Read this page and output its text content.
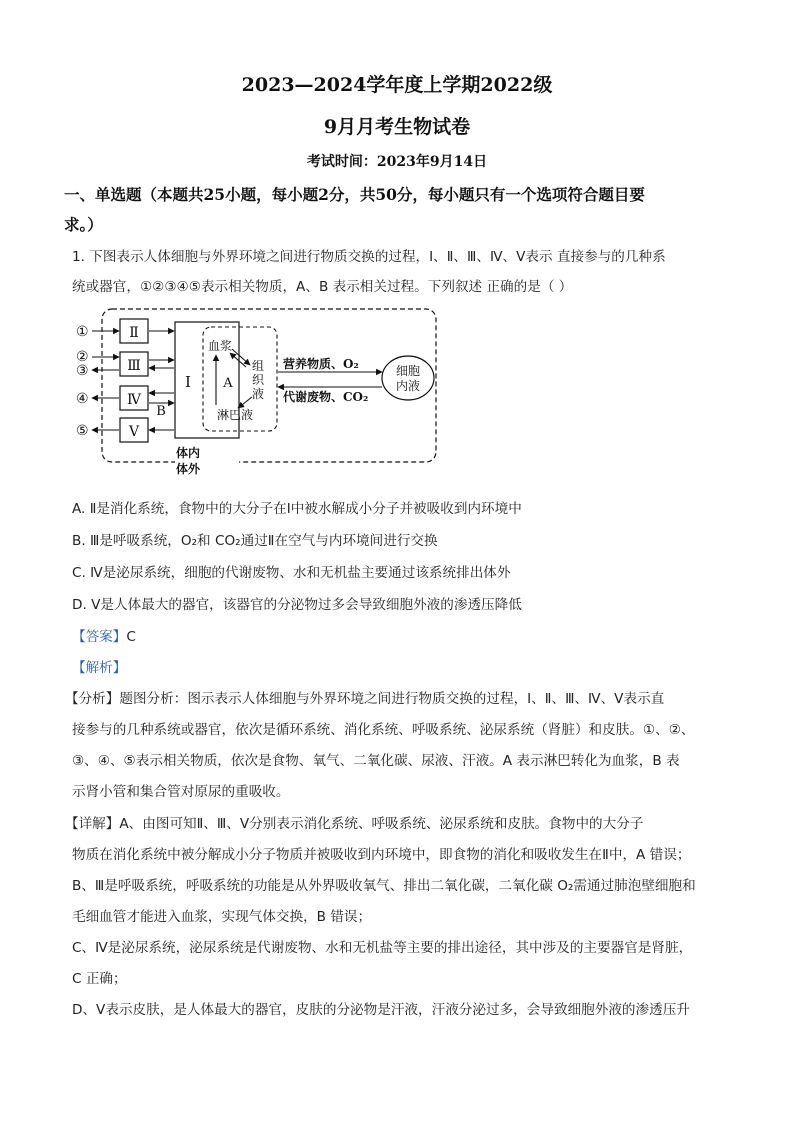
2023—2024学年度上学期2022级
9月月考生物试卷
考试时间：2023年9月14日
一、单选题（本题共25小题，每小题2分，共50分，每小题只有一个选项符合题目要
求。）
1. 下图表示人体细胞与外界环境之间进行物质交换的过程，Ⅰ、Ⅱ、Ⅲ、Ⅳ、Ⅴ表示 直接参与的几种系
统或器官，①②③④⑤表示相关物质，A、B 表示相关过程。下列叙述 正确的是（ ）
Ⅱ
Ⅲ
Ⅳ
Ⅴ
①
②
③
④
⑤
B
Ⅰ
血浆
淋巴液
组
织
液
A
营养物质、O₂
代谢废物、CO₂
细胞
内液
体内
体外
A. Ⅱ是消化系统，食物中的大分子在Ⅰ中被水解成小分子并被吸收到内环境中
B. Ⅲ是呼吸系统，O₂和 CO₂通过Ⅱ在空气与内环境间进行交换
C. Ⅳ是泌尿系统，细胞的代谢废物、水和无机盐主要通过该系统排出体外
D. Ⅴ是人体最大的器官，该器官的分泌物过多会导致细胞外液的渗透压降低
【答案】C
【解析】
【分析】题图分析：图示表示人体细胞与外界环境之间进行物质交换的过程，Ⅰ、Ⅱ、Ⅲ、Ⅳ、Ⅴ表示直
接参与的几种系统或器官，依次是循环系统、消化系统、呼吸系统、泌尿系统（肾脏）和皮肤。①、②、
③、④、⑤表示相关物质，依次是食物、氧气、二氧化碳、尿液、汗液。A 表示淋巴转化为血浆，B 表
示肾小管和集合管对原尿的重吸收。
【详解】A、由图可知Ⅱ、Ⅲ、Ⅴ分别表示消化系统、呼吸系统、泌尿系统和皮肤。食物中的大分子
物质在消化系统中被分解成小分子物质并被吸收到内环境中，即食物的消化和吸收发生在Ⅱ中，A 错误；
B、Ⅲ是呼吸系统，呼吸系统的功能是从外界吸收氧气、排出二氧化碳，二氧化碳 O₂需通过肺泡壁细胞和
毛细血管才能进入血浆，实现气体交换，B 错误；
C、Ⅳ是泌尿系统，泌尿系统是代谢废物、水和无机盐等主要的排出途径，其中涉及的主要器官是肾脏，
C 正确；
D、Ⅴ表示皮肤，是人体最大的器官，皮肤的分泌物是汗液，汗液分泌过多，会导致细胞外液的渗透压升
